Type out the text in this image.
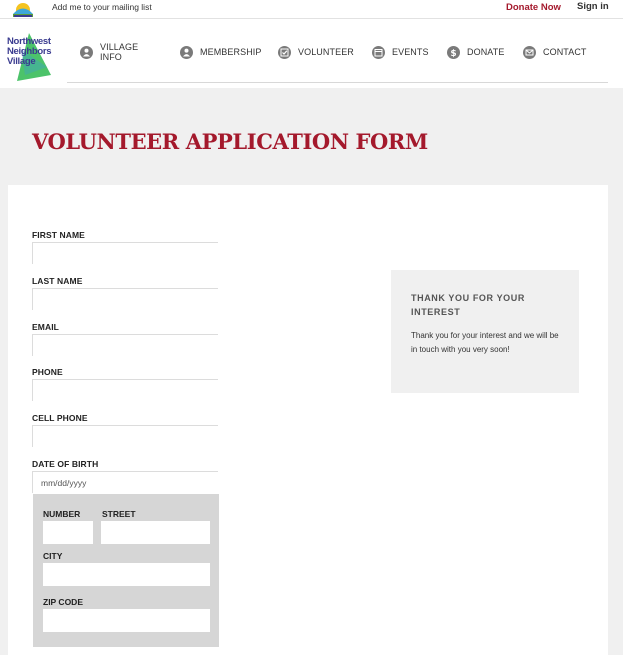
Add me to your mailing list	Donate Now Sign in
Northwest
Neighbors
Village
VILLAGE INFO	MEMBERSHIP	VOLUNTEER	EVENTS $ DONATE	CONTACT
VOLUNTEER APPLICATION FORM
FIRST NAME
LAST NAME
EMAIL
PHONE
CELL PHONE
DATE OF BIRTH
mm/dd/yyyy
NUMBER	STREET
CITY
ZIP CODE
THANK YOU FOR YOUR INTEREST
Thank you for your interest and we will be in touch with you very soon!
